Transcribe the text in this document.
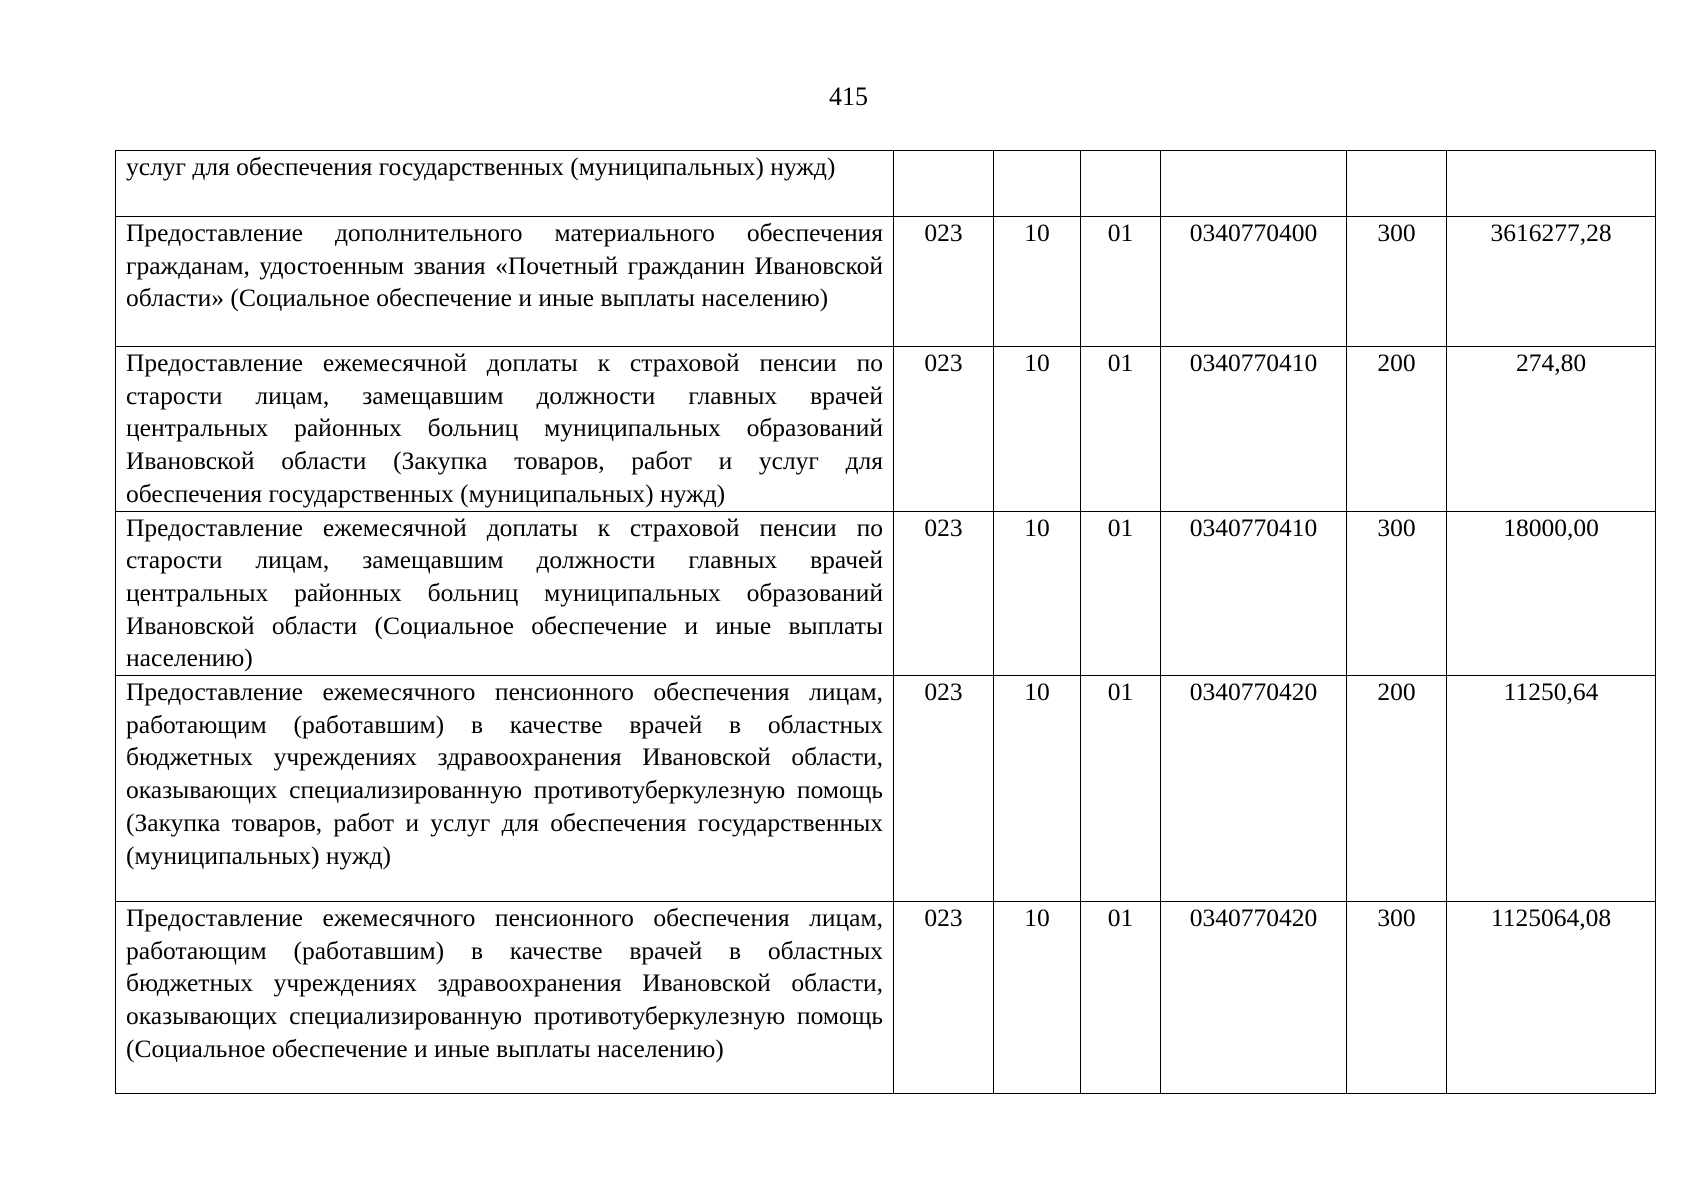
415
услуг для обеспечения государственных (муниципальных) нужд)						
Предоставление дополнительного материального обеспечения гражданам, удостоенным звания «Почетный гражданин Ивановской области» (Социальное обеспечение и иные выплаты населению)	023	10	01	0340770400	300	3616277,28
Предоставление ежемесячной доплаты к страховой пенсии по старости лицам, замещавшим должности главных врачей центральных районных больниц муниципальных образований Ивановской области (Закупка товаров, работ и услуг для обеспечения государственных (муниципальных) нужд)	023	10	01	0340770410	200	274,80
Предоставление ежемесячной доплаты к страховой пенсии по старости лицам, замещавшим должности главных врачей центральных районных больниц муниципальных образований Ивановской области (Социальное обеспечение и иные выплаты населению)	023	10	01	0340770410	300	18000,00
Предоставление ежемесячного пенсионного обеспечения лицам, работающим (работавшим) в качестве врачей в областных бюджетных учреждениях здравоохранения Ивановской области, оказывающих специализированную противотуберкулезную помощь (Закупка товаров, работ и услуг для обеспечения государственных (муниципальных) нужд)	023	10	01	0340770420	200	11250,64
Предоставление ежемесячного пенсионного обеспечения лицам, работающим (работавшим) в качестве врачей в областных бюджетных учреждениях здравоохранения Ивановской области, оказывающих специализированную противотуберкулезную помощь (Социальное обеспечение и иные выплаты населению)	023	10	01	0340770420	300	1125064,08
